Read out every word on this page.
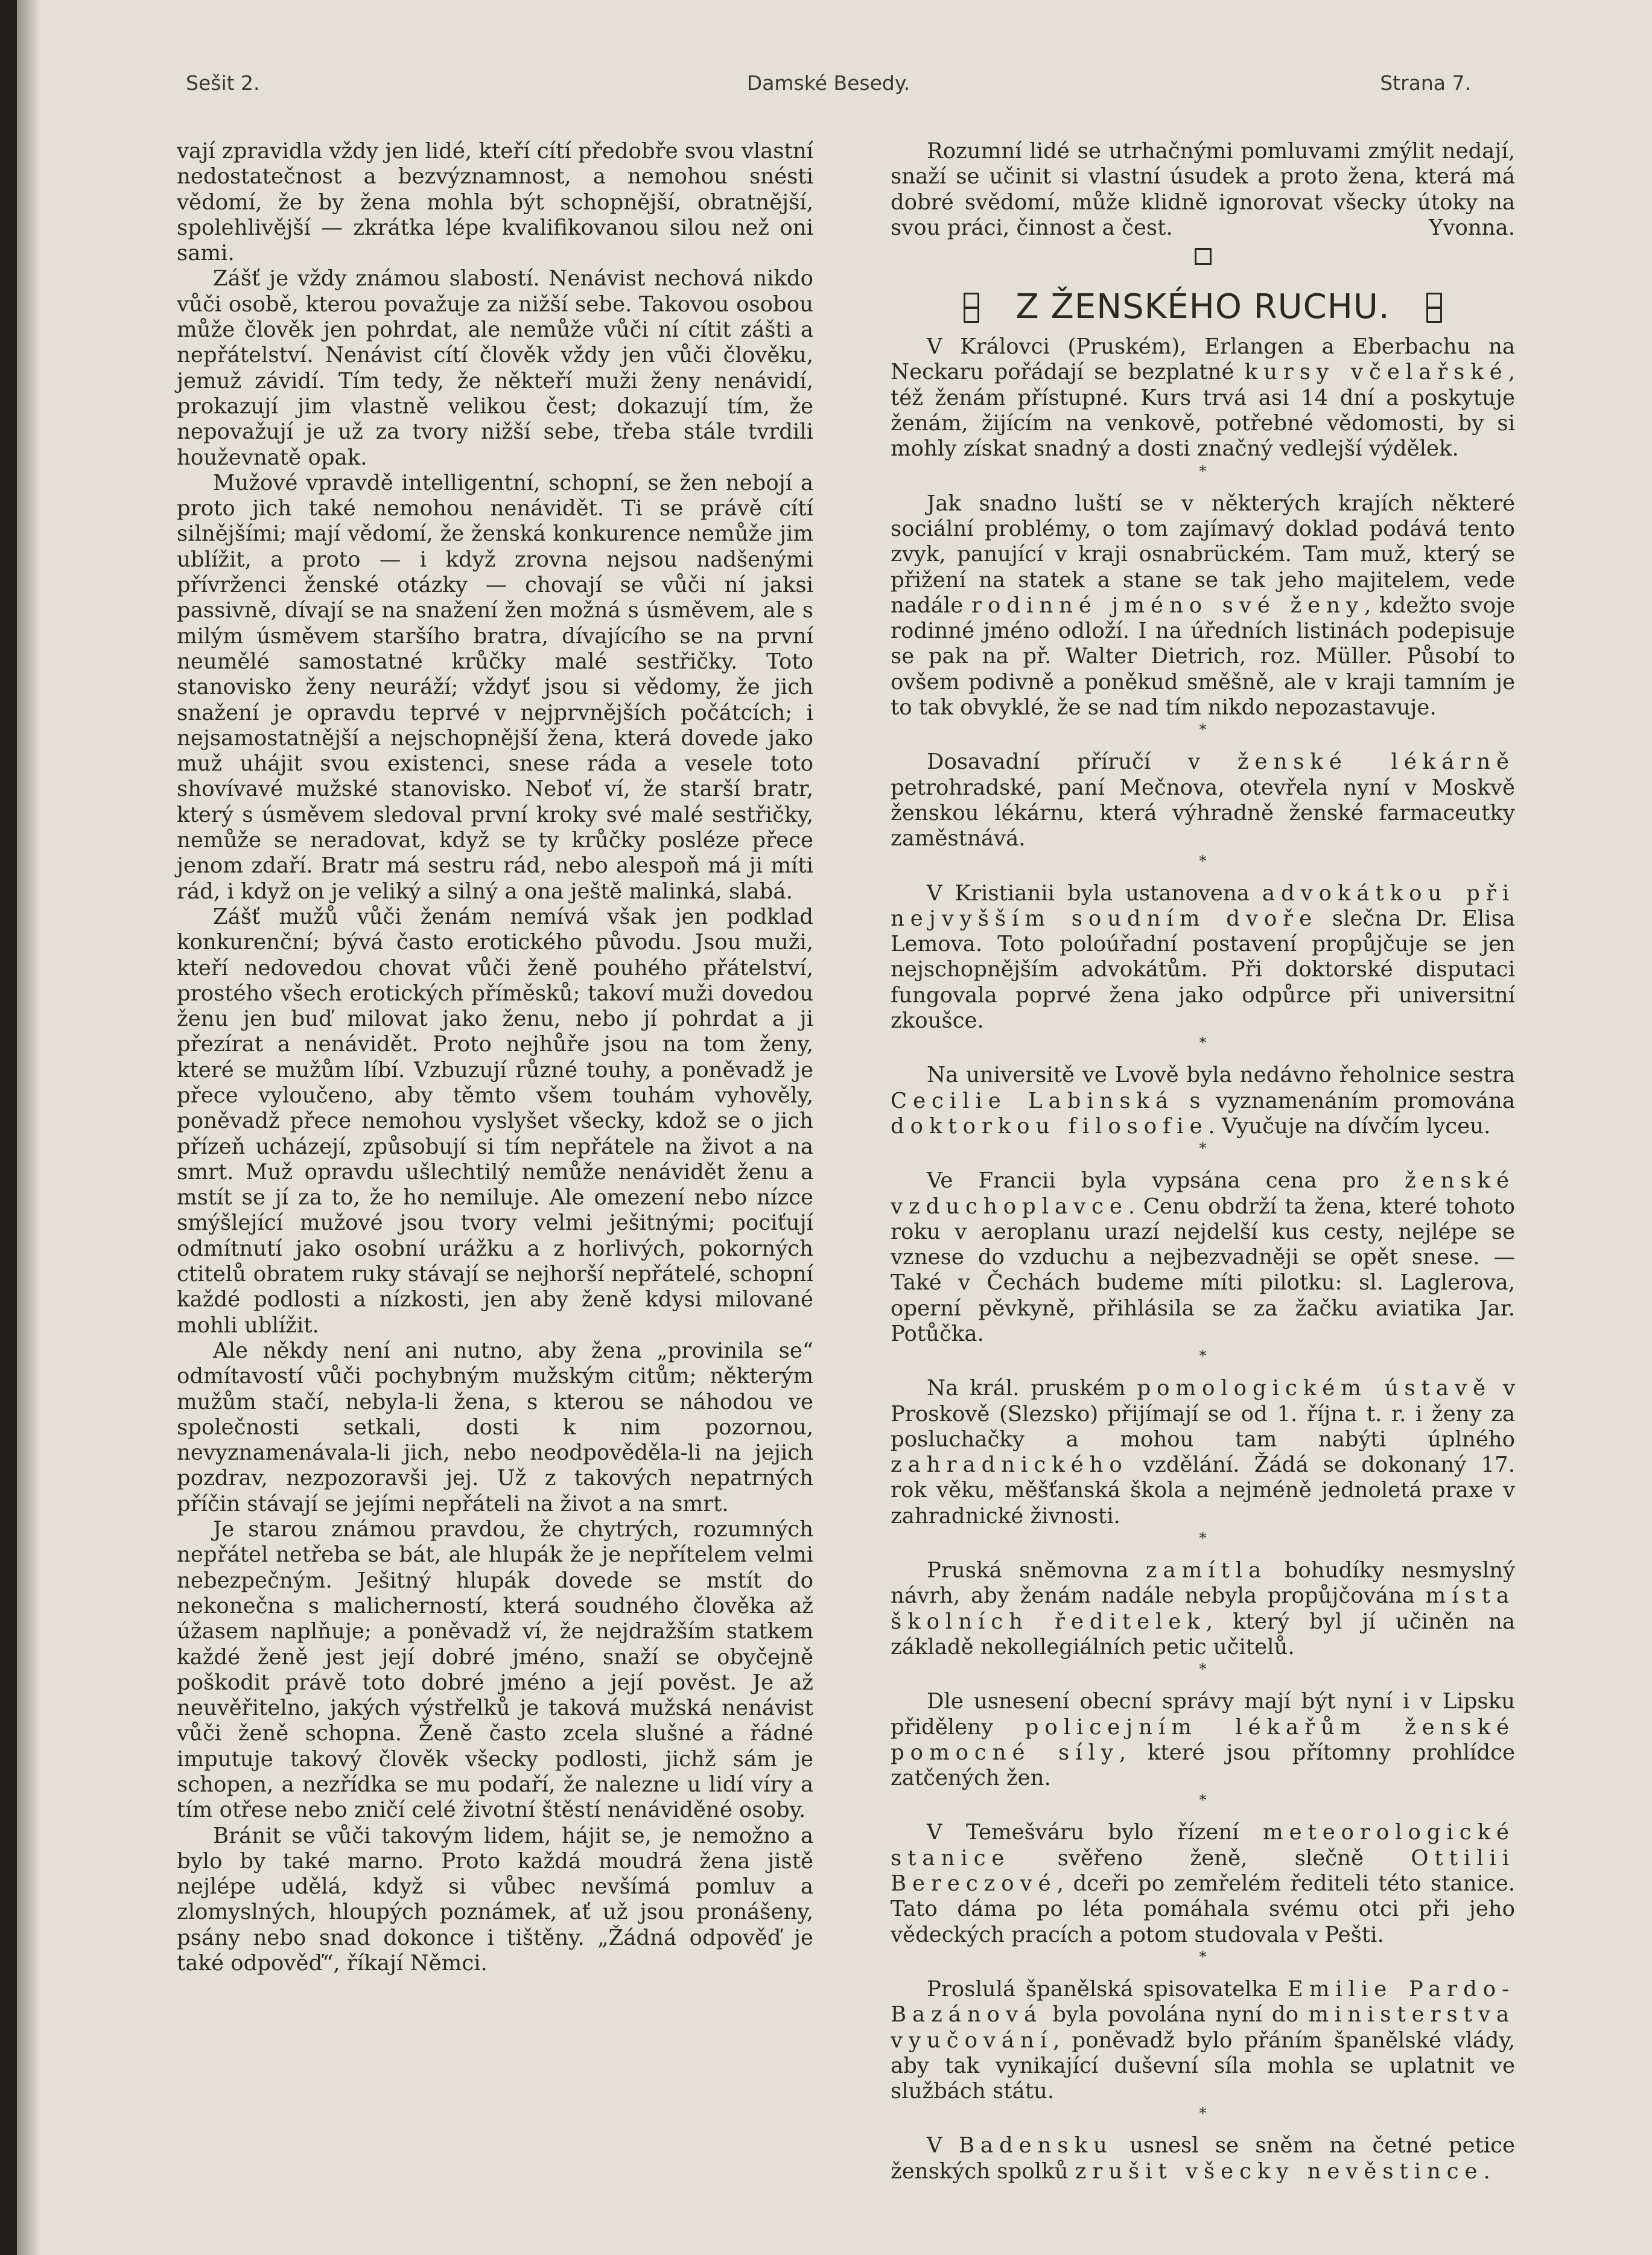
Sešit 2.	Damské Besedy.	Strana 7.

vají zpravidla vždy jen lidé, kteří cítí předobře svou vlastní nedostatečnost a bezvýznamnost, a nemohou snésti vědomí, že by žena mohla být schopnější, obratnější, spolehlivější — zkrátka lépe kvalifikovanou silou než oni sami.

Zášť je vždy známou slabostí. Nenávist nechová nikdo vůči osobě, kterou považuje za nižší sebe. Takovou osobou může člověk jen pohrdat, ale nemůže vůči ní cítit zášti a nepřátelství. Nenávist cítí člověk vždy jen vůči člověku, jemuž závidí. Tím tedy, že někteří muži ženy nenávidí, prokazují jim vlastně velikou čest; dokazují tím, že nepovažují je už za tvory nižší sebe, třeba stále tvrdili houževnatě opak.

Mužové vpravdě intelligentní, schopní, se žen nebojí a proto jich také nemohou nenávidět. Ti se právě cítí silnějšími; mají vědomí, že ženská konkurence nemůže jim ublížit, a proto — i když zrovna nejsou nadšenými přívrženci ženské otázky — chovají se vůči ní jaksi passivně, dívají se na snažení žen možná s úsměvem, ale s milým úsměvem staršího bratra, dívajícího se na první neumělé samostatné krůčky malé sestřičky. Toto stanovisko ženy neuráží; vždyť jsou si vědomy, že jich snažení je opravdu teprvé v nejprvnějších počátcích; i nejsamostatnější a nejschopnější žena, která dovede jako muž uhájit svou existenci, snese ráda a vesele toto shovívavé mužské stanovisko. Neboť ví, že starší bratr, který s úsměvem sledoval první kroky své malé sestřičky, nemůže se neradovat, když se ty krůčky posléze přece jenom zdaří. Bratr má sestru rád, nebo alespoň má ji míti rád, i když on je veliký a silný a ona ještě malinká, slabá.

Zášť mužů vůči ženám nemívá však jen podklad konkurenční; bývá často erotického původu. Jsou muži, kteří nedovedou chovat vůči ženě pouhého přátelství, prostého všech erotických příměsků; takoví muži dovedou ženu jen buď milovat jako ženu, nebo jí pohrdat a ji přezírat a nenávidět. Proto nejhůře jsou na tom ženy, které se mužům líbí. Vzbuzují různé touhy, a poněvadž je přece vyloučeno, aby těmto všem touhám vyhověly, poněvadž přece nemohou vyslyšet všecky, kdož se o jich přízeň ucházejí, způsobují si tím nepřátele na život a na smrt. Muž opravdu ušlechtilý nemůže nenávidět ženu a mstít se jí za to, že ho nemiluje. Ale omezení nebo nízce smýšlející mužové jsou tvory velmi ješitnými; pociťují odmítnutí jako osobní urážku a z horlivých, pokorných ctitelů obratem ruky stávají se nejhorší nepřátelé, schopní každé podlosti a nízkosti, jen aby ženě kdysi milované mohli ublížit.

Ale někdy není ani nutno, aby žena „provinila se“ odmítavostí vůči pochybným mužským citům; některým mužům stačí, nebyla-li žena, s kterou se náhodou ve společnosti setkali, dosti k nim pozornou, nevyznamenávala-li jich, nebo neodpověděla-li na jejich pozdrav, nezpozoravši jej. Už z takových nepatrných příčin stávají se jejími nepřáteli na život a na smrt.

Je starou známou pravdou, že chytrých, rozumných nepřátel netřeba se bát, ale hlupák že je nepřítelem velmi nebezpečným. Ješitný hlupák dovede se mstít do nekonečna s malicherností, která soudného člověka až úžasem naplňuje; a poněvadž ví, že nejdražším statkem každé ženě jest její dobré jméno, snaží se obyčejně poškodit právě toto dobré jméno a její pověst. Je až neuvěřitelno, jakých výstřelků je taková mužská nenávist vůči ženě schopna. Ženě často zcela slušné a řádné imputuje takový člověk všecky podlosti, jichž sám je schopen, a nezřídka se mu podaří, že nalezne u lidí víry a tím otřese nebo zničí celé životní štěstí nenáviděné osoby.

Bránit se vůči takovým lidem, hájit se, je nemožno a bylo by také marno. Proto každá moudrá žena jistě nejlépe udělá, když si vůbec nevšímá pomluv a zlomyslných, hloupých poznámek, ať už jsou pronášeny, psány nebo snad dokonce i tištěny. „Žádná odpověď je také odpověď“, říkají Němci.

Rozumní lidé se utrhačnými pomluvami zmýlit nedají, snaží se učinit si vlastní úsudek a proto žena, která má dobré svědomí, může klidně ignorovat všecky útoky na svou práci, činnost a čest.	Yvonna.

Z ŽENSKÉHO RUCHU.

V Královci (Pruském), Erlangen a Eberbachu na Neckaru pořádají se bezplatné kursy včelařské, též ženám přístupné. Kurs trvá asi 14 dní a poskytuje ženám, žijícím na venkově, potřebné vědomosti, by si mohly získat snadný a dosti značný vedlejší výdělek.

*

Jak snadno luští se v některých krajích některé sociální problémy, o tom zajímavý doklad podává tento zvyk, panující v kraji osnabrückém. Tam muž, který se přižení na statek a stane se tak jeho majitelem, vede nadále rodinné jméno své ženy, kdežto svoje rodinné jméno odloží. I na úředních listinách podepisuje se pak na př. Walter Dietrich, roz. Müller. Působí to ovšem podivně a poněkud směšně, ale v kraji tamním je to tak obvyklé, že se nad tím nikdo nepozastavuje.

*

Dosavadní příručí v ženské lékárně petrohradské, paní Mečnova, otevřela nyní v Moskvě ženskou lékárnu, která výhradně ženské farmaceutky zaměstnává.

*

V Kristianii byla ustanovena advokátkou při nejvyšším soudním dvoře slečna Dr. Elisa Lemova. Toto poloúřadní postavení propůjčuje se jen nejschopnějším advokátům. Při doktorské disputaci fungovala poprvé žena jako odpůrce při universitní zkoušce.

*

Na universitě ve Lvově byla nedávno řeholnice sestra Cecilie Labinská s vyznamenáním promována doktorkou filosofie. Vyučuje na dívčím lyceu.

*

Ve Francii byla vypsána cena pro ženské vzduchoplavce. Cenu obdrží ta žena, které tohoto roku v aeroplanu urazí nejdelší kus cesty, nejlépe se vznese do vzduchu a nejbezvadněji se opět snese. — Také v Čechách budeme míti pilotku: sl. Laglerova, operní pěvkyně, přihlásila se za žačku aviatika Jar. Potůčka.

*

Na král. pruském pomologickém ústavě v Proskově (Slezsko) přijímají se od 1. října t. r. i ženy za posluchačky a mohou tam nabýti úplného zahradnického vzdělání. Žádá se dokonaný 17. rok věku, měšťanská škola a nejméně jednoletá praxe v zahradnické živnosti.

*

Pruská sněmovna zamítla bohudíky nesmyslný návrh, aby ženám nadále nebyla propůjčována místa školních ředitelek, který byl jí učiněn na základě nekollegiálních petic učitelů.

*

Dle usnesení obecní správy mají být nyní i v Lipsku přiděleny policejním lékařům ženské pomocné síly, které jsou přítomny prohlídce zatčených žen.

*

V Temešváru bylo řízení meteorologické stanice svěřeno ženě, slečně Ottilii Bereczové, dceři po zemřelém řediteli této stanice. Tato dáma po léta pomáhala svému otci při jeho vědeckých pracích a potom studovala v Pešti.

*

Proslulá španělská spisovatelka Emilie Pardo-Bazánová byla povolána nyní do ministerstva vyučování, poněvadž bylo přáním španělské vlády, aby tak vynikající duševní síla mohla se uplatnit ve službách státu.

*

V Badensku usnesl se sněm na četné petice ženských spolků zrušit všecky nevěstince.
